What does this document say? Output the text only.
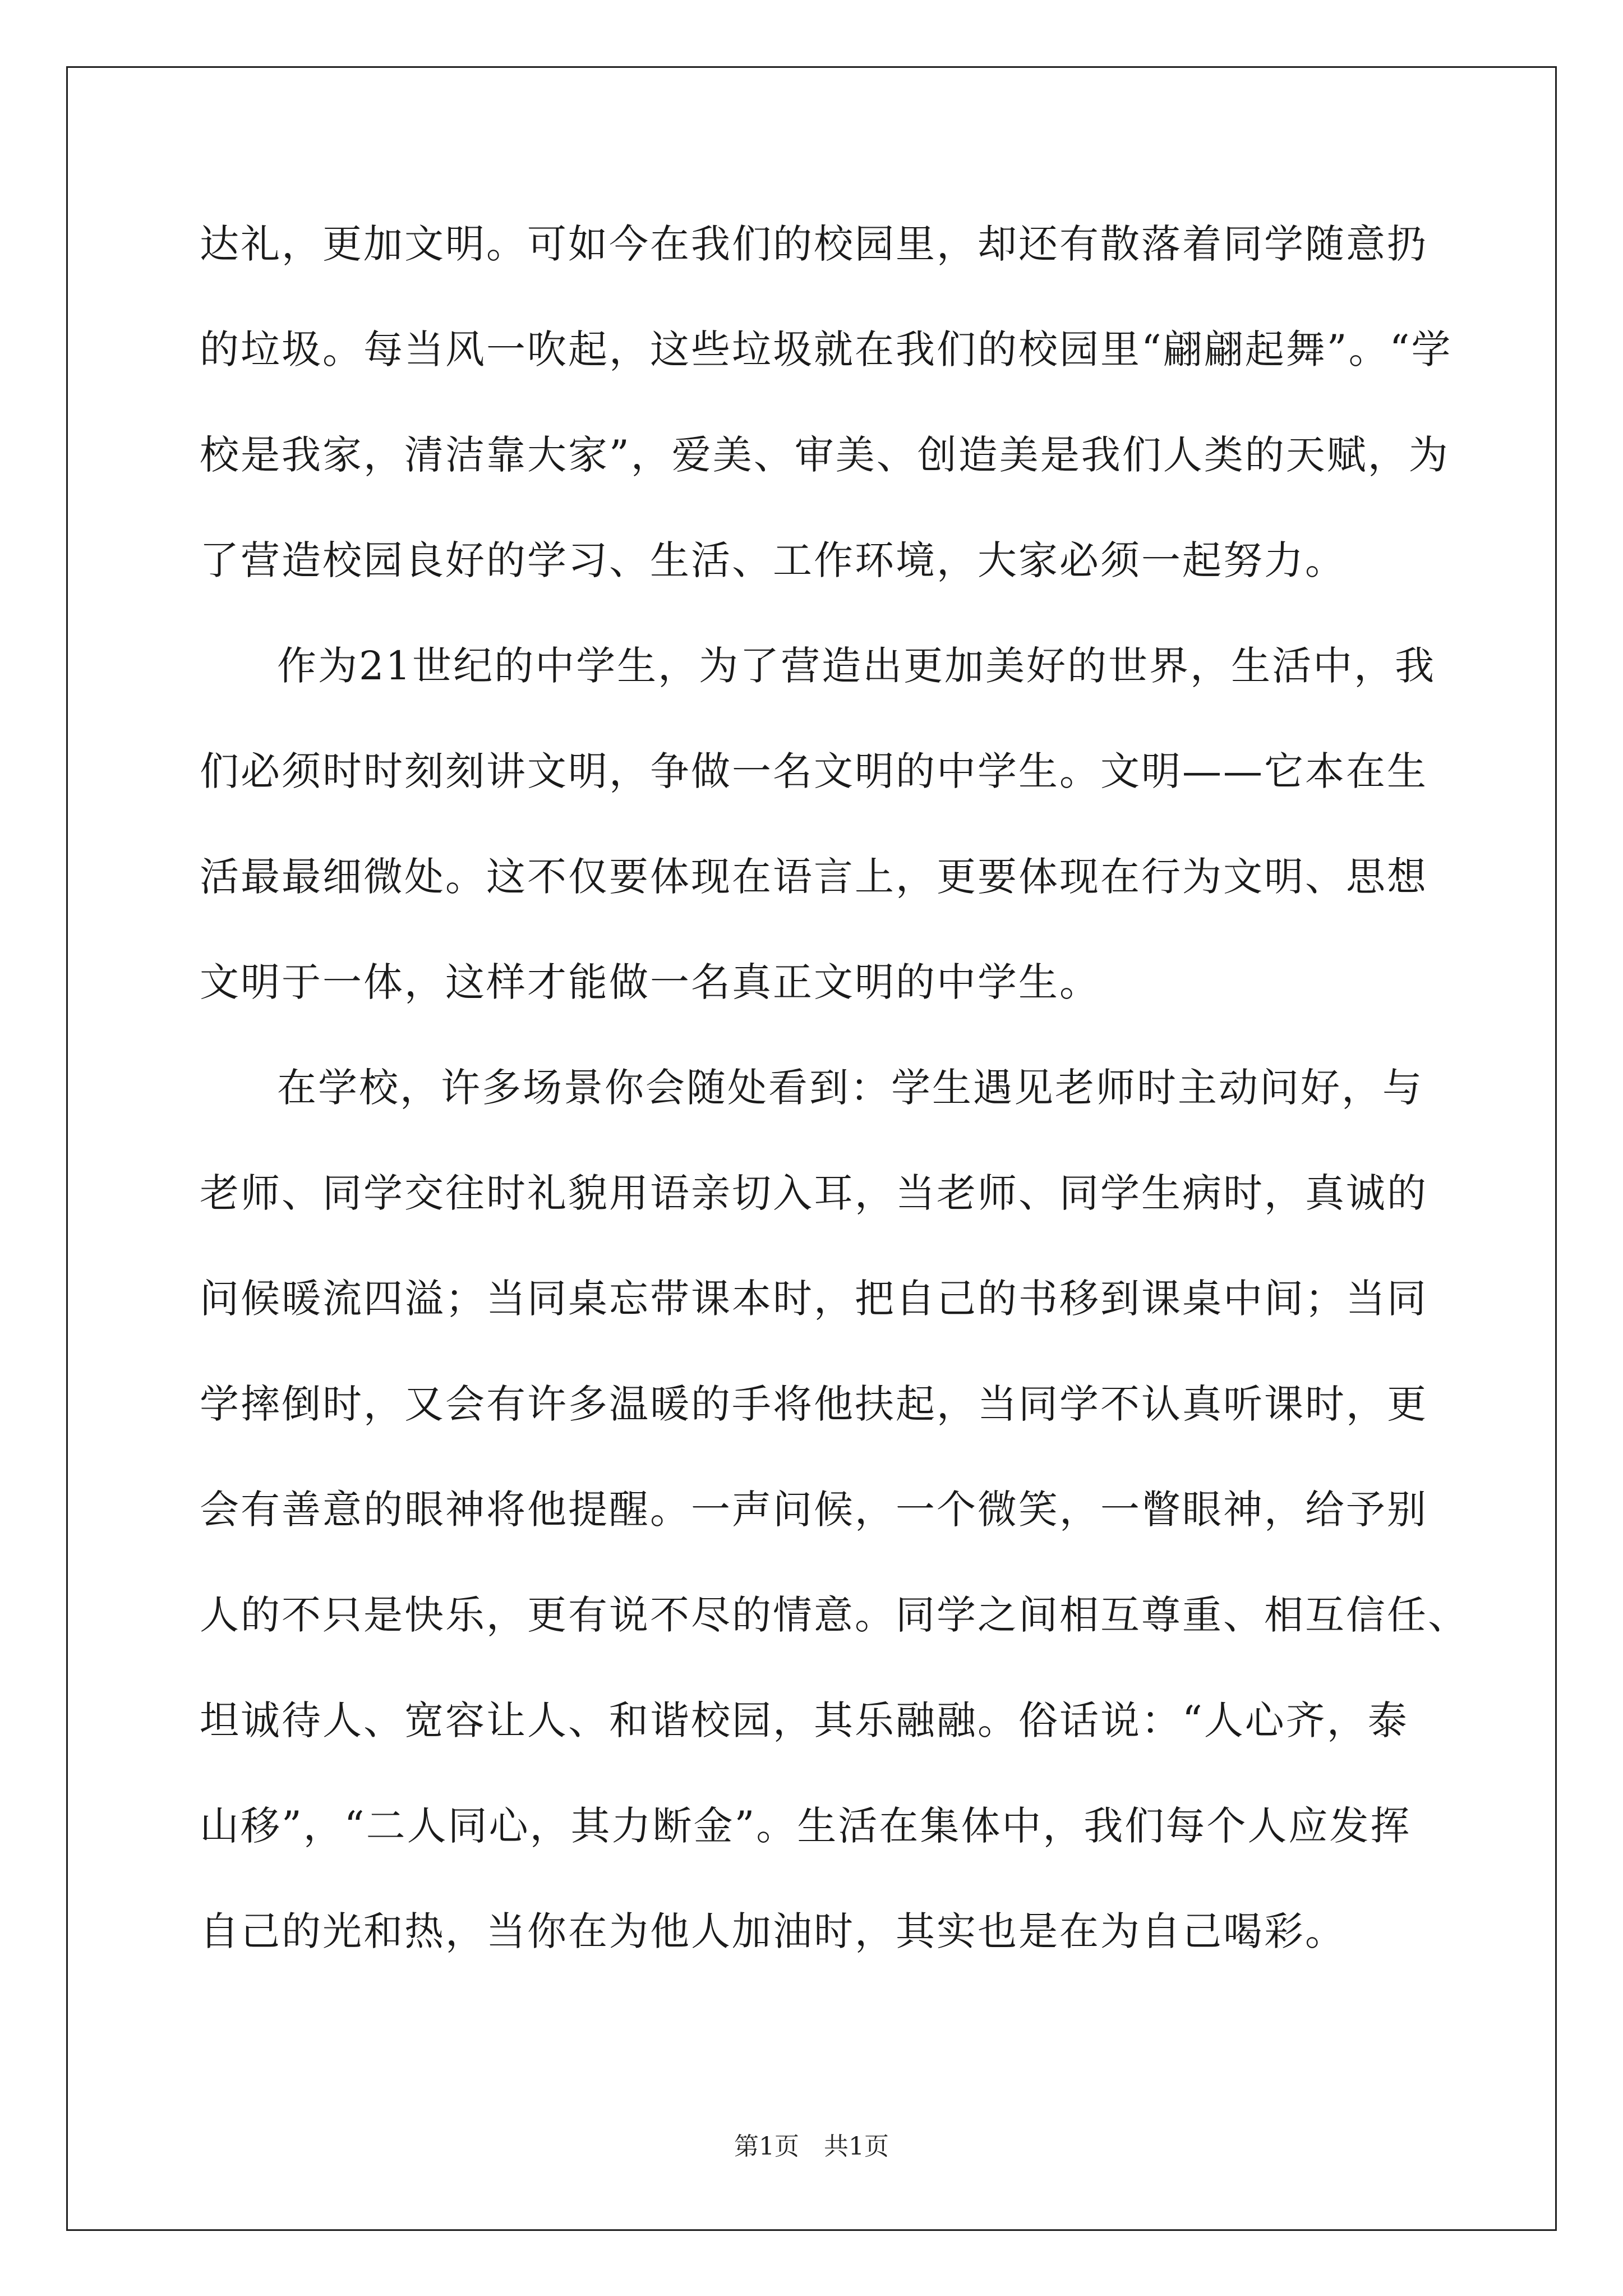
达礼，更加文明。可如今在我们的校园里，却还有散落着同学随意扔
的垃圾。每当风一吹起，这些垃圾就在我们的校园里“翩翩起舞”。“学
校是我家，清洁靠大家”，爱美、审美、创造美是我们人类的天赋，为
了营造校园良好的学习、生活、工作环境，大家必须一起努力。
作为21世纪的中学生，为了营造出更加美好的世界，生活中，我
们必须时时刻刻讲文明，争做一名文明的中学生。文明——它本在生
活最最细微处。这不仅要体现在语言上，更要体现在行为文明、思想
文明于一体，这样才能做一名真正文明的中学生。
在学校，许多场景你会随处看到：学生遇见老师时主动问好，与
老师、同学交往时礼貌用语亲切入耳，当老师、同学生病时，真诚的
问候暖流四溢；当同桌忘带课本时，把自己的书移到课桌中间；当同
学摔倒时，又会有许多温暖的手将他扶起，当同学不认真听课时，更
会有善意的眼神将他提醒。一声问候，一个微笑，一瞥眼神，给予别
人的不只是快乐，更有说不尽的情意。同学之间相互尊重、相互信任、
坦诚待人、宽容让人、和谐校园，其乐融融。俗话说：“人心齐，泰
山移”，“二人同心，其力断金”。生活在集体中，我们每个人应发挥
自己的光和热，当你在为他人加油时，其实也是在为自己喝彩。
第1页　共1页
